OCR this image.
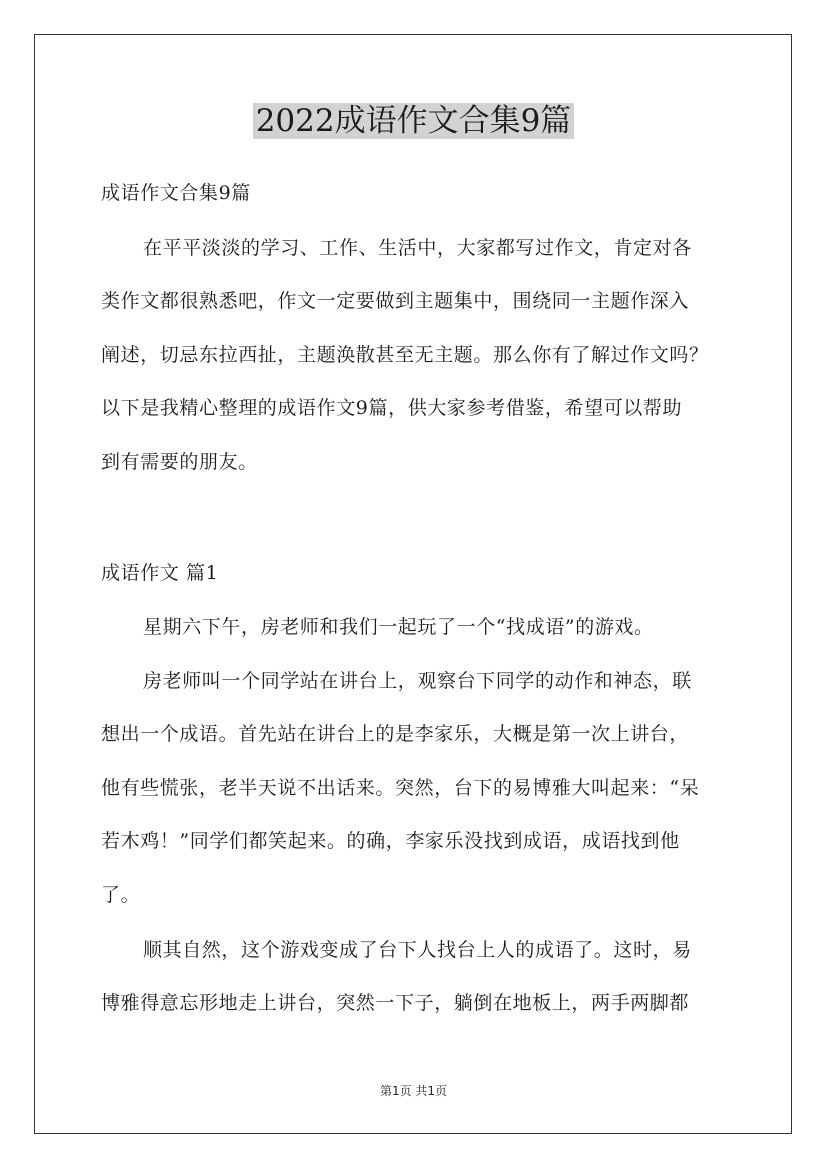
2022成语作文合集9篇
成语作文合集9篇
在平平淡淡的学习、工作、生活中，大家都写过作文，肯定对各
类作文都很熟悉吧，作文一定要做到主题集中，围绕同一主题作深入
阐述，切忌东拉西扯，主题涣散甚至无主题。那么你有了解过作文吗？
以下是我精心整理的成语作文9篇，供大家参考借鉴，希望可以帮助
到有需要的朋友。
成语作文 篇1
星期六下午，房老师和我们一起玩了一个“找成语”的游戏。
房老师叫一个同学站在讲台上，观察台下同学的动作和神态，联
想出一个成语。首先站在讲台上的是李家乐，大概是第一次上讲台，
他有些慌张，老半天说不出话来。突然，台下的易博雅大叫起来：“呆
若木鸡！”同学们都笑起来。的确，李家乐没找到成语，成语找到他
了。
顺其自然，这个游戏变成了台下人找台上人的成语了。这时，易
博雅得意忘形地走上讲台，突然一下子，躺倒在地板上，两手两脚都
第1页 共1页
